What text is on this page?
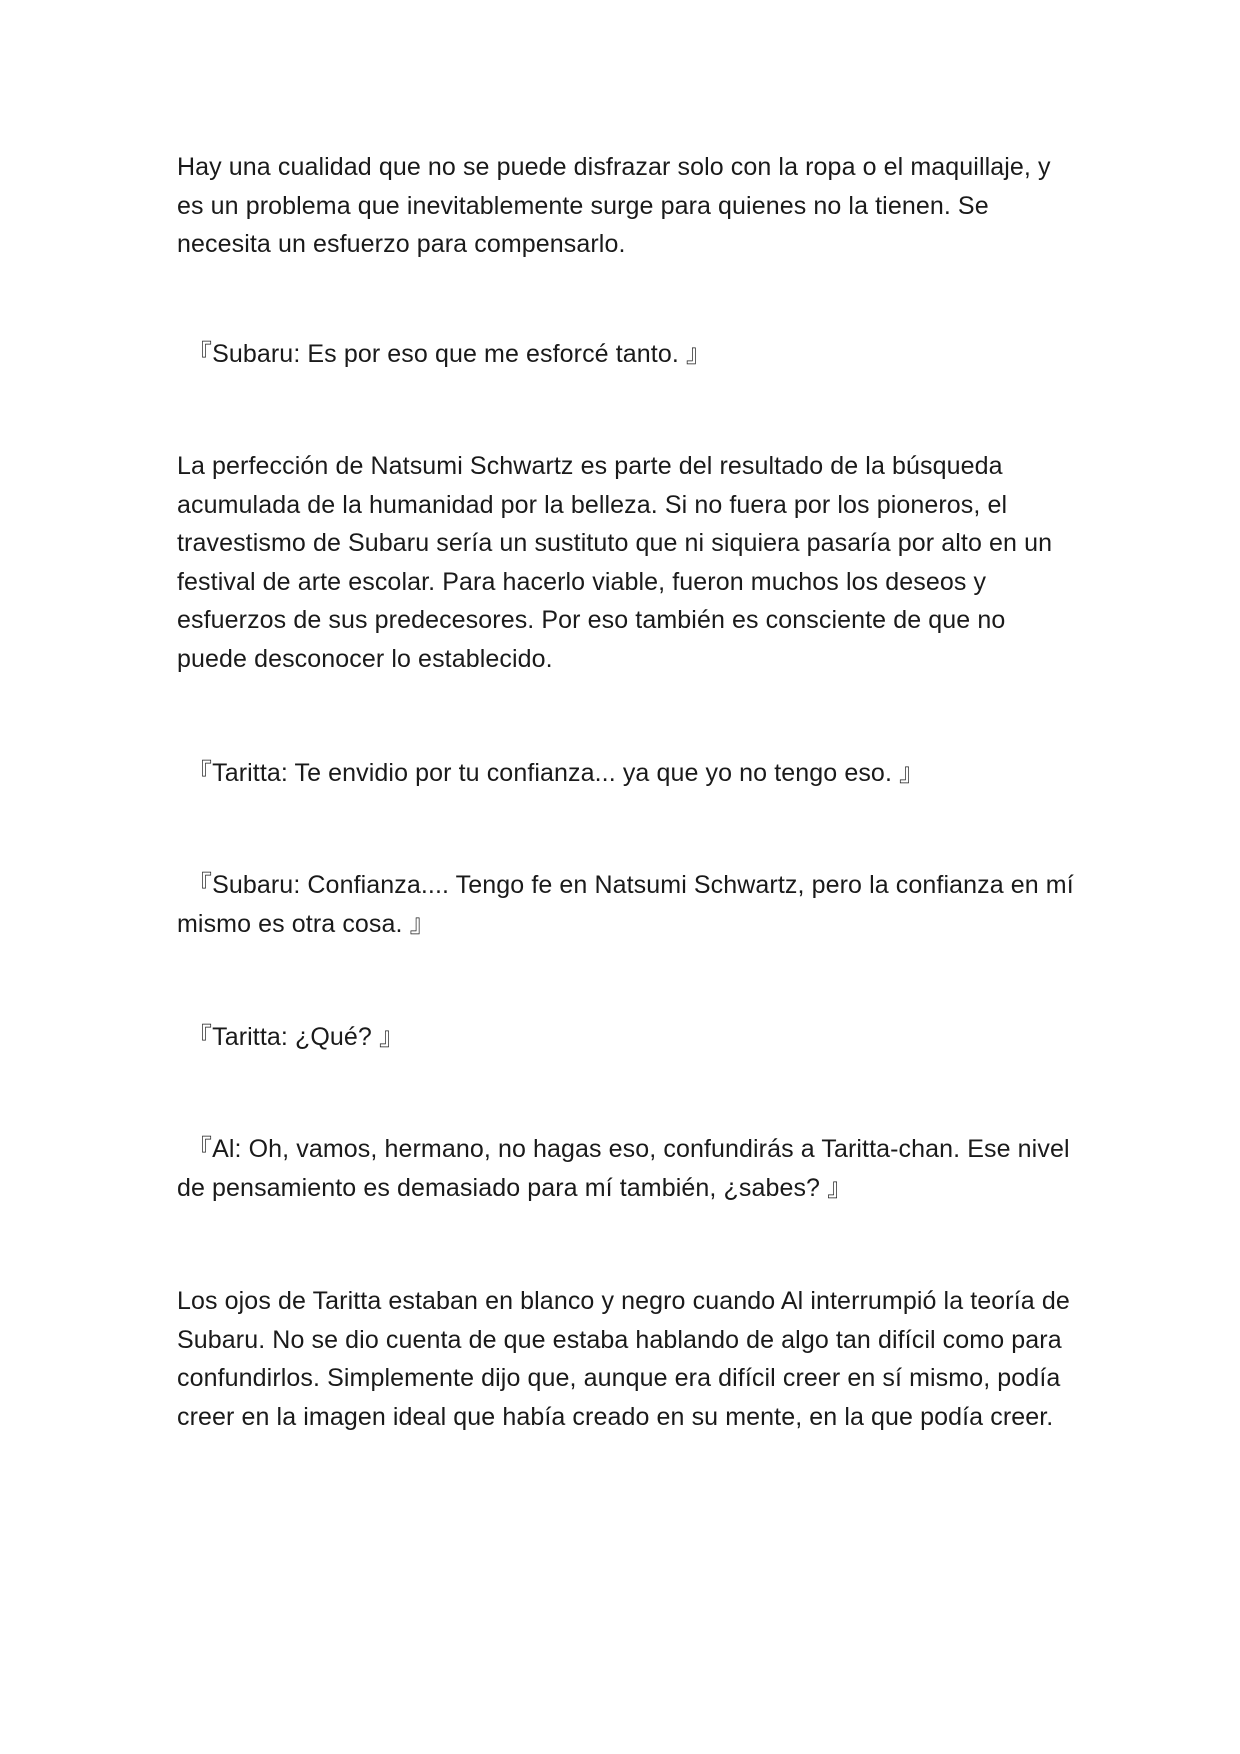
Hay una cualidad que no se puede disfrazar solo con la ropa o el maquillaje, y es un problema que inevitablemente surge para quienes no la tienen. Se necesita un esfuerzo para compensarlo.

『Subaru: Es por eso que me esforcé tanto. 』

La perfección de Natsumi Schwartz es parte del resultado de la búsqueda acumulada de la humanidad por la belleza. Si no fuera por los pioneros, el travestismo de Subaru sería un sustituto que ni siquiera pasaría por alto en un festival de arte escolar. Para hacerlo viable, fueron muchos los deseos y esfuerzos de sus predecesores. Por eso también es consciente de que no puede desconocer lo establecido.

『Taritta: Te envidio por tu confianza... ya que yo no tengo eso. 』

『Subaru: Confianza.... Tengo fe en Natsumi Schwartz, pero la confianza en mí mismo es otra cosa. 』

『Taritta: ¿Qué? 』

『Al: Oh, vamos, hermano, no hagas eso, confundirás a Taritta-chan. Ese nivel de pensamiento es demasiado para mí también, ¿sabes? 』

Los ojos de Taritta estaban en blanco y negro cuando Al interrumpió la teoría de Subaru. No se dio cuenta de que estaba hablando de algo tan difícil como para confundirlos. Simplemente dijo que, aunque era difícil creer en sí mismo, podía creer en la imagen ideal que había creado en su mente, en la que podía creer.
